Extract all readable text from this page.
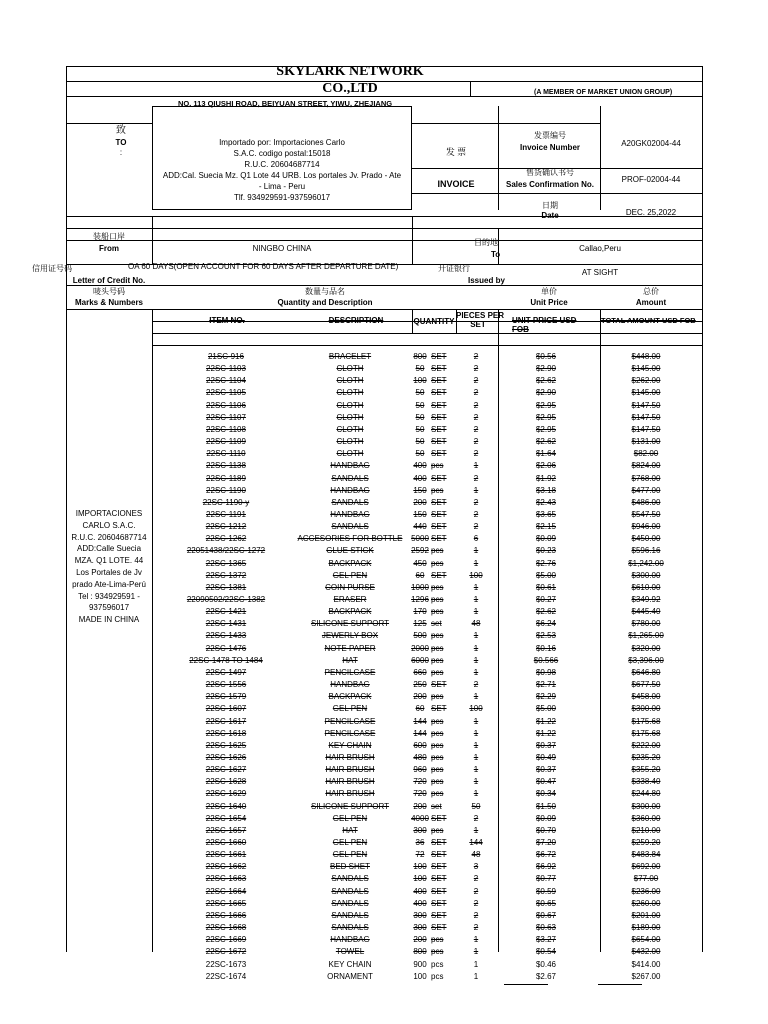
SKYLARK NETWORK
CO.,LTD	(A MEMBER OF MARKET UNION GROUP)
NO. 113 QIUSHI ROAD, BEIYUAN STREET, YIWU, ZHEJIANG
致
TO
:
Importado por: Importaciones Carlo
S.A.C. codigo postal:15018
R.U.C. 20604687714
ADD:Cal. Suecia Mz. Q1 Lote 44 URB. Los portales Jv. Prado - Ate
- Lima - Peru
Tlf. 934929591-937596017
发 票
INVOICE
发票编号
Invoice Number	A20GK02004-44
售货确认书号
Sales Confirmation No.
PROF-02004-44
日期
Date	DEC. 25,2022
装船口岸
From	NINGBO CHINA
目的地
To
Callao,Peru
信用证号码
Letter of Credit No.
OA 60 DAYS(OPEN ACCOUNT FOR 60 DAYS AFTER DEPARTURE DATE)	开证银行
Issued by
AT SIGHT
唛头号码
Marks & Numbers
数量与品名
Quantity and Description
单价
Unit Price
总价
Amount
ITEM NO.	DESCRIPTION	QUANTITY
PIECES PER
SET	UNIT PRICE USD
FOB
TOTAL AMOUNT USD FOB
IMPORTACIONES
CARLO S.A.C.
R.U.C. 20604687714
ADD:Calle Suecia
MZA. Q1 LOTE. 44
Los Portales de Jv
prado Ate-Lima-Perú
Tel : 934929591 -
937596017
MADE IN CHINA
21SC-916	BRACELET	800 SET	2	$0.56	$448.00
22SC-1103	CLOTH	50 SET	2	$2.90	$145.00
22SC-1104	CLOTH	100 SET	2	$2.62	$262.00
22SC-1105	CLOTH	50 SET	2	$2.90	$145.00
22SC-1106	CLOTH	50 SET	2	$2.95	$147.50
22SC-1107	CLOTH	50 SET	2	$2.95	$147.50
22SC-1108	CLOTH	50 SET	2	$2.95	$147.50
22SC-1109	CLOTH	50 SET	2	$2.62	$131.00
22SC-1110	CLOTH	50 SET	2	$1.64	$82.00
22SC-1138	HANDBAG	400 pcs	1	$2.06	$824.00
22SC-1189	SANDALS	400 SET	2	$1.92	$768.00
22SC-1190	HANDBAG	150 pcs	1	$3.18	$477.00
22SC-1190-y	SANDALS	200 SET	2	$2.43	$486.00
22SC-1191	HANDBAG	150 SET	2	$3.65	$547.50
22SC-1212	SANDALS	440 SET	2	$2.15	$946.00
22SC-1262	ACCESORIES FOR BOTTLE	5000 SET	6	$0.09	$450.00
22051438/22SC-1272	GLUE STICK	2592 pcs	1	$0.23	$596.16
22SC-1365	BACKPACK	450 pcs	1	$2.76	$1,242.00
22SC-1372	GEL PEN	60 SET	100	$5.00	$300.00
22SC-1381	COIN PURSE	1000 pcs	1	$0.61	$610.00
22090502/22SC-1382	ERASER	1296 pcs	1	$0.27	$349.92
22SC-1421	BACKPACK	170 pcs	1	$2.62	$445.40
22SC-1431	SILICONE SUPPORT	125 set	48	$6.24	$780.00
22SC-1433	JEWERLY BOX	500 pcs	1	$2.53	$1,265.00
22SC-1476	NOTE PAPER	2000 pcs	1	$0.16	$320.00
22SC-1478 TO 1484	HAT	6000 pcs	1	$0.566	$3,396.00
22SC-1497	PENCILCASE	660 pcs	1	$0.98	$646.80
22SC-1556	HANDBAG	250 SET	2	$2.71	$677.50
22SC-1579	BACKPACK	200 pcs	1	$2.29	$458.00
22SC-1607	GEL PEN	60 SET	100	$5.00	$300.00
22SC-1617	PENCILCASE	144 pcs	1	$1.22	$175.68
22SC-1618	PENCILCASE	144 pcs	1	$1.22	$175.68
22SC-1625	KEY CHAIN	600 pcs	1	$0.37	$222.00
22SC-1626	HAIR BRUSH	480 pcs	1	$0.49	$235.20
22SC-1627	HAIR BRUSH	960 pcs	1	$0.37	$355.20
22SC-1628	HAIR BRUSH	720 pcs	1	$0.47	$338.40
22SC-1629	HAIR BRUSH	720 pcs	1	$0.34	$244.80
22SC-1640	SILICONE SUPPORT	200 set	50	$1.50	$300.00
22SC-1654	GEL PEN	4000 SET	2	$0.09	$360.00
22SC-1657	HAT	300 pcs	1	$0.70	$210.00
22SC-1660	GEL PEN	36 SET	144	$7.20	$259.20
22SC-1661	GEL PEN	72 SET	48	$6.72	$483.84
22SC-1662	BED SHET	100 SET	3	$6.92	$692.00
22SC-1663	SANDALS	100 SET	2	$0.77	$77.00
22SC-1664	SANDALS	400 SET	2	$0.59	$236.00
22SC-1665	SANDALS	400 SET	2	$0.65	$260.00
22SC-1666	SANDALS	300 SET	2	$0.67	$201.00
22SC-1668	SANDALS	300 SET	2	$0.63	$189.00
22SC-1669	HANDBAG	200 pcs	1	$3.27	$654.00
22SC-1672	TOWEL	800 pcs	1	$0.54	$432.00
22SC-1673	KEY CHAIN	900 pcs	1	$0.46	$414.00
22SC-1674	ORNAMENT	100 pcs	1	$2.67	$267.00
